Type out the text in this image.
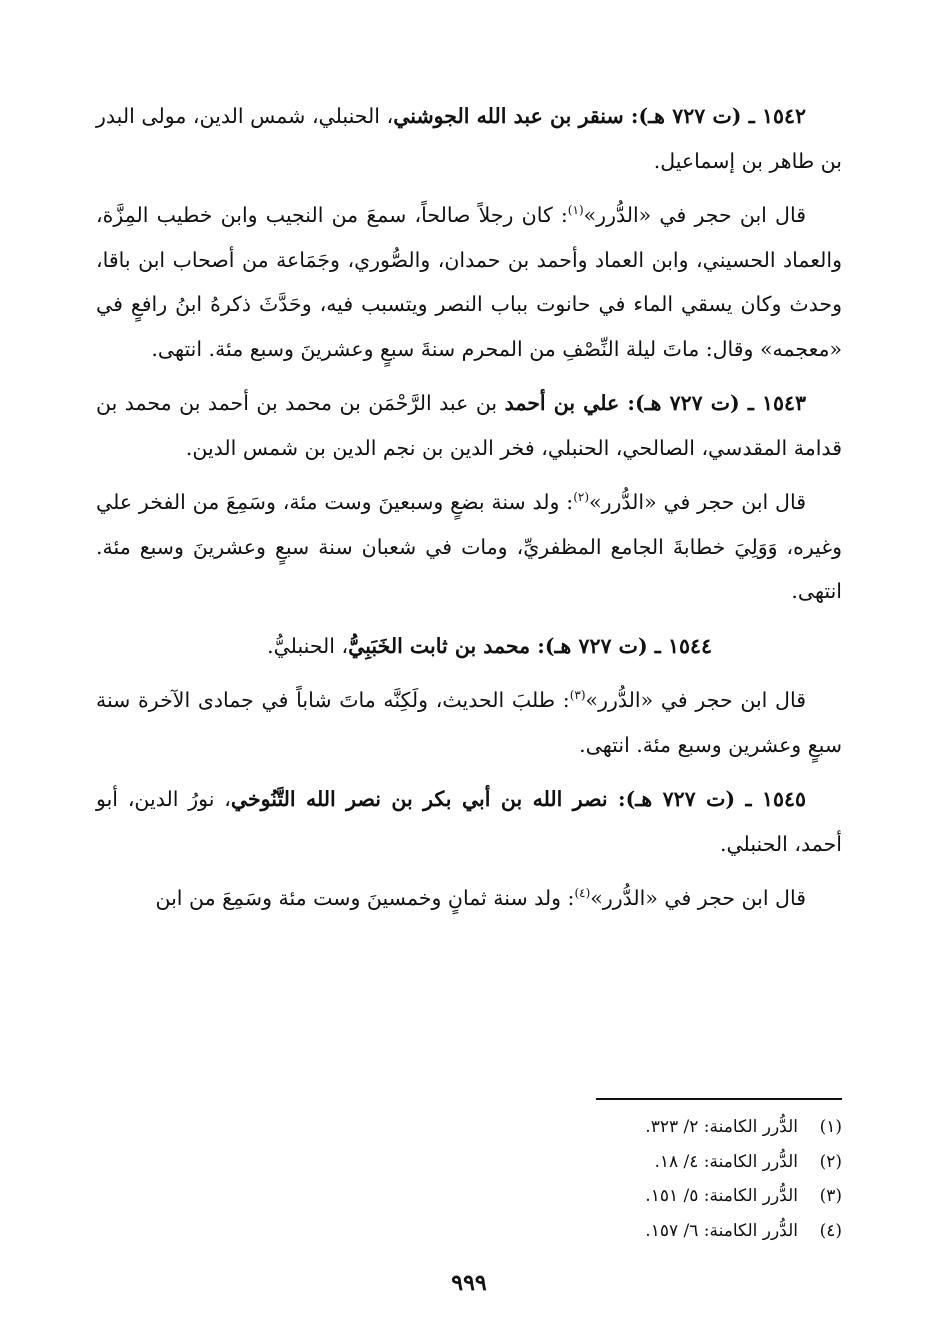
١٥٤٢ ـ (ت ٧٢٧ هـ): سنقر بن عبد الله الجوشني، الحنبلي، شمس الدين، مولى البدر بن طاهر بن إسماعيل.

قال ابن حجر في «الدُّرر»$^{(١)}$: كان رجلاً صالحاً، سمعَ من النجيب وابن خطيب المِزَّة، والعماد الحسيني، وابن العماد وأحمد بن حمدان، والصُّوري، وجَمَاعة من أصحاب ابن باقا، وحدث وكان يسقي الماء في حانوت بباب النصر ويتسبب فيه، وحَدَّثَ ذكرهُ ابنُ رافعٍ في «معجمه» وقال: ماتَ ليلة النِّصْفِ من المحرم سنةَ سبعٍ وعشرينَ وسبع مئة. انتهى.

١٥٤٣ ـ (ت ٧٢٧ هـ): علي بن أحمد بن عبد الرَّحْمَن بن محمد بن أحمد بن محمد بن قدامة المقدسي، الصالحي، الحنبلي، فخر الدين بن نجم الدين بن شمس الدين.

قال ابن حجر في «الدُّرر»$^{(٢)}$: ولد سنة بضعٍ وسبعينَ وست مئة، وسَمِعَ من الفخر علي وغيره، وَوَلِيَ خطابةَ الجامع المظفريِّ، ومات في شعبان سنة سبعٍ وعشرينَ وسبع مئة. انتهى.

١٥٤٤ ـ (ت ٧٢٧ هـ): محمد بن ثابت الخَبَبِيُّ، الحنبليُّ.

قال ابن حجر في «الدُّرر»$^{(٣)}$: طلبَ الحديث، ولَكِنَّه ماتَ شاباً في جمادى الآخرة سنة سبعٍ وعشرين وسبع مئة. انتهى.

١٥٤٥ ـ (ت ٧٢٧ هـ): نصر الله بن أبي بكر بن نصر الله التَّنُوخي، نورُ الدين، أبو أحمد، الحنبلي.

قال ابن حجر في «الدُّرر»$^{(٤)}$: ولد سنة ثمانٍ وخمسينَ وست مئة وسَمِعَ من ابن

(١)الدُّرر الكامنة: ٢/ ٣٢٣.
(٢)الدُّرر الكامنة: ٤/ ١٨.
(٣)الدُّرر الكامنة: ٥/ ١٥١.
(٤)الدُّرر الكامنة: ٦/ ١٥٧.
٩٩٩
